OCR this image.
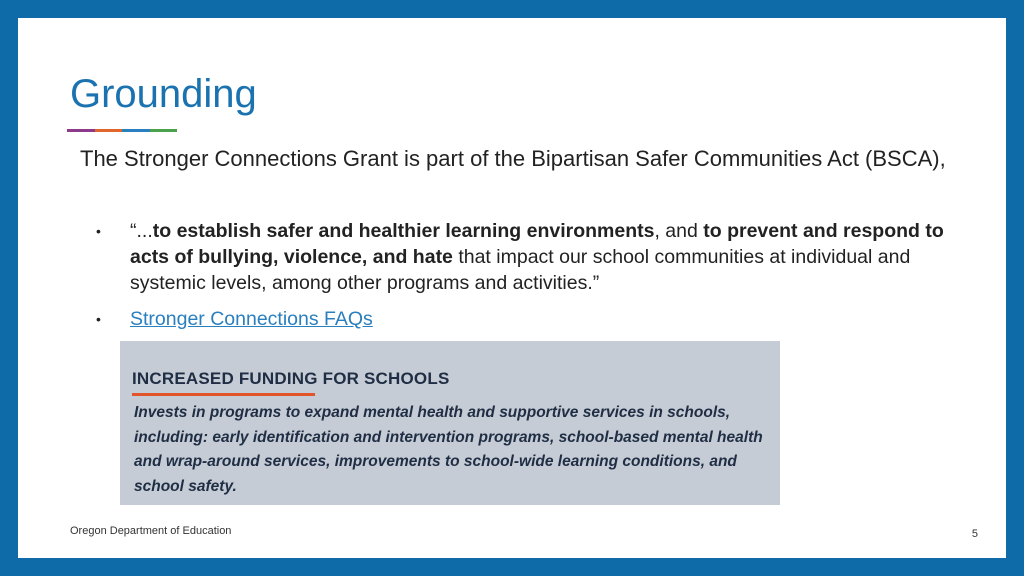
Grounding

The Stronger Connections Grant is part of the Bipartisan Safer Communities Act (BSCA),

• “...to establish safer and healthier learning environments, and to prevent and respond to acts of bullying, violence, and hate that impact our school communities at individual and systemic levels, among other programs and activities.”
• Stronger Connections FAQs
INCREASED FUNDING FOR SCHOOLS

Invests in programs to expand mental health and supportive services in schools, including: early identification and intervention programs, school-based mental health and wrap-around services, improvements to school-wide learning conditions, and school safety.

Oregon Department of Education	5
